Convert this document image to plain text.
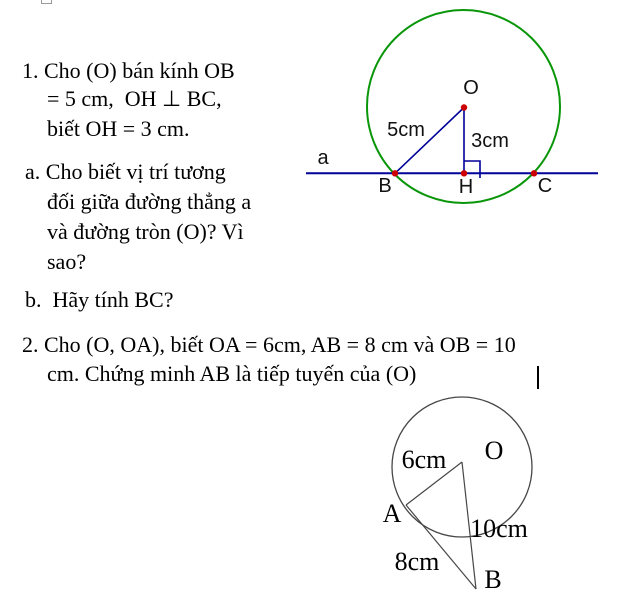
1. Cho (O) bán kính OB
= 5 cm,  OH ⊥ BC,
biết OH = 3 cm.
a. Cho biết vị trí tương
đối giữa đường thẳng a
và đường tròn (O)? Vì
sao?
b.  Hãy tính BC?
2. Cho (O, OA), biết OA = 6cm, AB = 8 cm và OB = 10
cm. Chứng minh AB là tiếp tuyến của (O)
O
5cm 3cm
a
B	H	C
O
6cm
A
10cm
8cm
B
